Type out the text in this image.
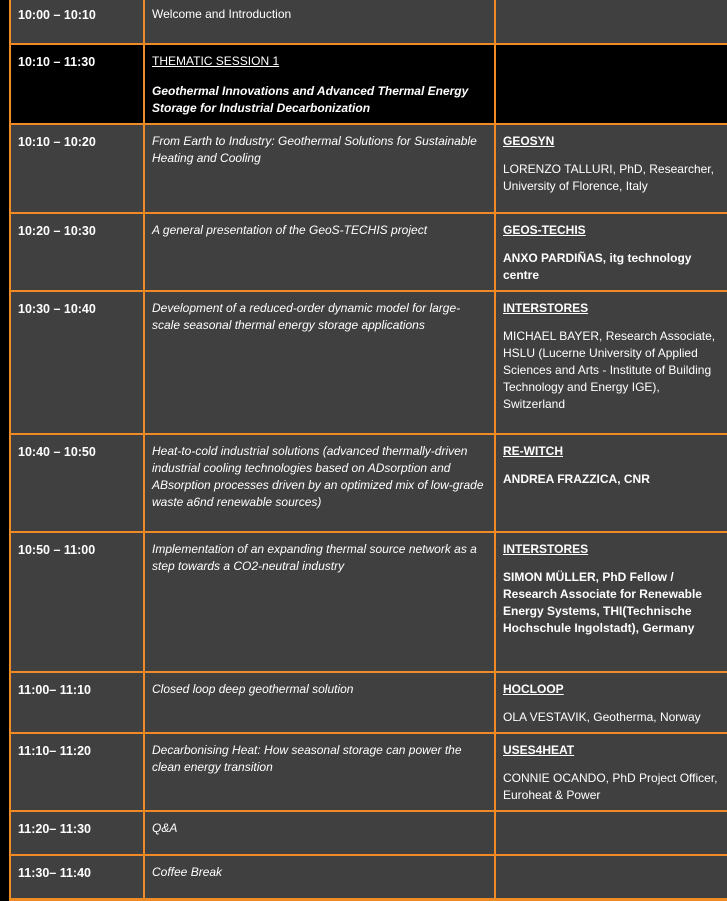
10:00 – 10:10	Welcome and Introduction	
10:10 – 11:30	THEMATIC SESSION 1
Geothermal Innovations and Advanced Thermal Energy Storage for Industrial Decarbonization	

10:10 – 10:20	From Earth to Industry: Geothermal Solutions for Sustainable Heating and Cooling	GEOSYN
LORENZO TALLURI, PhD, Researcher, University of Florence, Italy

10:20 – 10:30	A general presentation of the GeoS-TECHIS project	GEOS-TECHIS
ANXO PARDIÑAS, itg technology centre

10:30 – 10:40	Development of a reduced-order dynamic model for large-scale seasonal thermal energy storage applications	INTERSTORES
MICHAEL BAYER, Research Associate, HSLU (Lucerne University of Applied Sciences and Arts - Institute of Building Technology and Energy IGE), Switzerland

10:40 – 10:50	Heat-to-cold industrial solutions (advanced thermally-driven industrial cooling technologies based on ADsorption and ABsorption processes driven by an optimized mix of low-grade waste a6nd renewable sources)	RE-WITCH
ANDREA FRAZZICA, CNR

10:50 – 11:00	Implementation of an expanding thermal source network as a step towards a CO2-neutral industry	INTERSTORES
SIMON MÜLLER, PhD Fellow / Research Associate for Renewable Energy Systems, THI(Technische Hochschule Ingolstadt), Germany

11:00– 11:10	Closed loop deep geothermal solution	HOCLOOP
OLA VESTAVIK, Geotherma, Norway

11:10– 11:20	Decarbonising Heat: How seasonal storage can power the clean energy transition	USES4HEAT
CONNIE OCANDO, PhD Project Officer, Euroheat & Power

11:20– 11:30	Q&A	
11:30– 11:40	Coffee Break	
